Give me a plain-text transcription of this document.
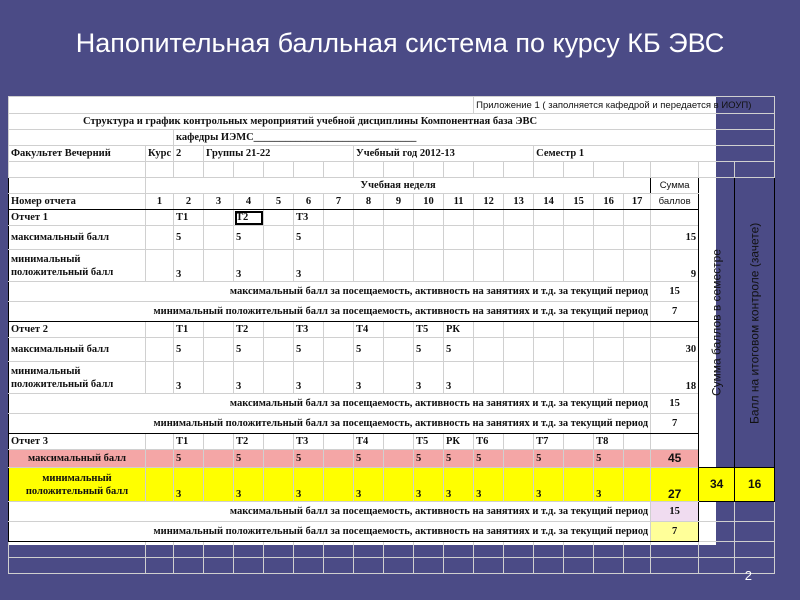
Напопительная балльная система по курсу КБ ЭВС
												Приложение 1 ( заполняется кафедрой и передается в ИОУП)									
Структура и график контрольных мероприятий учебной дисциплины Компонентная база ЭВС																					
		кафедры ИЭМС_______________________________																			
Факультет Вечерний	Курс	2	Группы 21-22					Учебный год 2012-13						Семестр 1							

	Учебная неделя																	Сумма	Сумма баллов в семестре	Балл на итоговом контроле (зачете)	
Номер отчета	1	2	3	4	5	6	7	8	9	10	11	12	13	14	15	16	17	баллов			
Отчет 1		Т1		Т2		Т3															
максимальный балл		5		5		5												15			
минимальный
положительный балл		3		3		3												9			
максимальный балл за посещаемость, активность на занятиях и т.д. за текущий период																		15			
минимальный положительный балл за посещаемость, активность на занятиях и т.д. за текущий период																		7			
Отчет 2		Т1		Т2		Т3		Т4		Т5	РК										
максимальный балл		5		5		5		5		5	5							30			
минимальный
положительный балл		3		3		3		3		3	3							18			
максимальный балл за посещаемость, активность на занятиях и т.д. за текущий период																		15			
минимальный положительный балл за посещаемость, активность на занятиях и т.д. за текущий период																		7			
Отчет 3		Т1		Т2		Т3		Т4		Т5	РК	Т6		Т7		Т8					
максимальный балл		5		5		5		5		5	5	5		5		5		45		
минимальный
положительный балл		3		3		3		3		3	3	3		3		3		27	34	16	
максимальный балл за посещаемость, активность на занятиях и т.д. за текущий период																		15			
минимальный положительный балл за посещаемость, активность на занятиях и т.д. за текущий период																		7			

2
